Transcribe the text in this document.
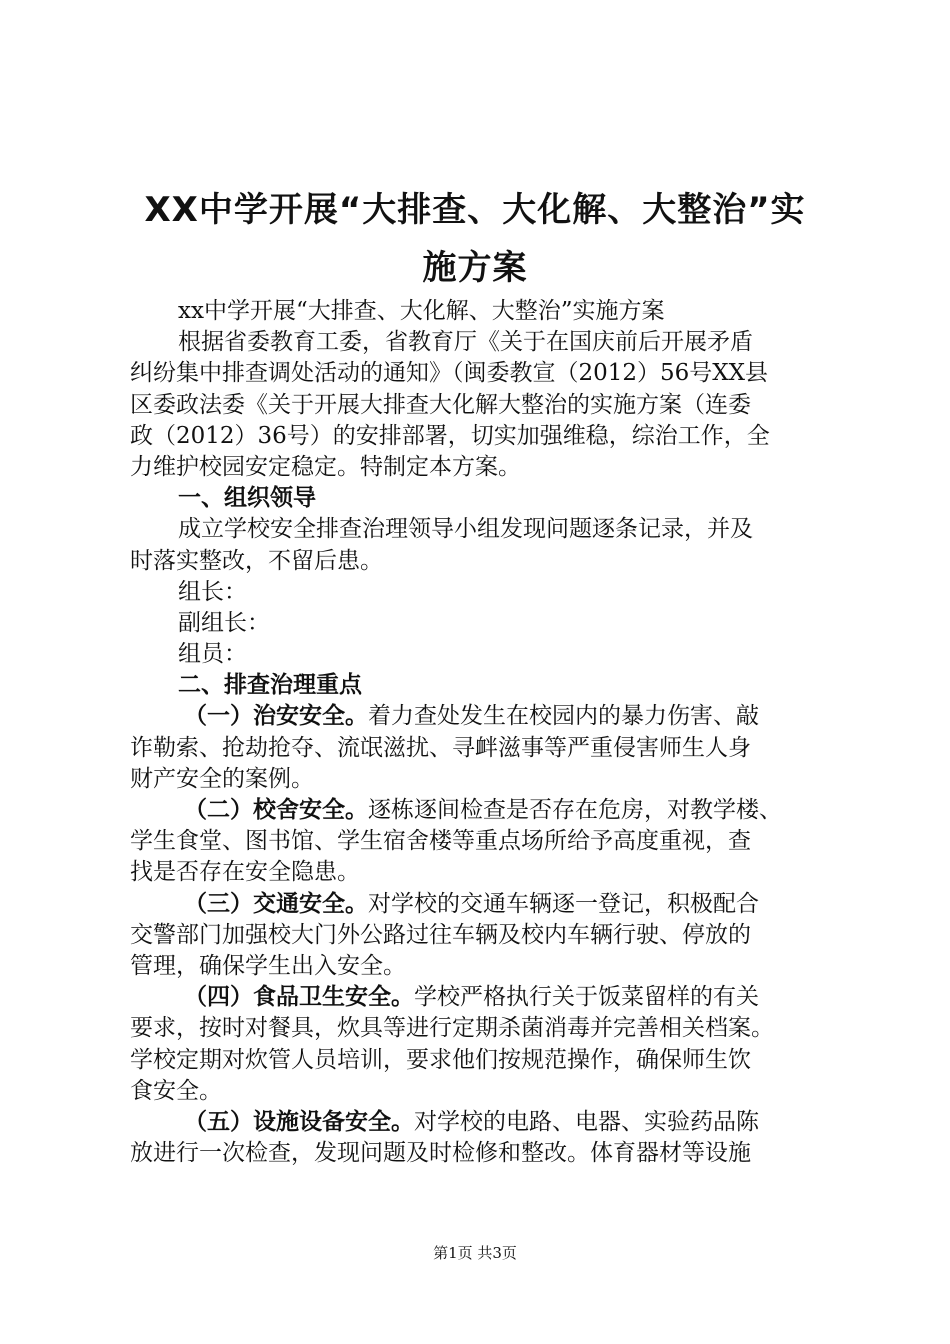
XX中学开展“大排查、大化解、大整治”实
施方案
xx中学开展“大排查、大化解、大整治”实施方案
根据省委教育工委，省教育厅《关于在国庆前后开展矛盾
纠纷集中排查调处活动的通知》（闽委教宣（2012）56号XX县
区委政法委《关于开展大排查大化解大整治的实施方案（连委
政（2012）36号）的安排部署，切实加强维稳，综治工作，全
力维护校园安定稳定。特制定本方案。
一、组织领导
成立学校安全排查治理领导小组发现问题逐条记录，并及
时落实整改，不留后患。
组长：
副组长：
组员：
二、排查治理重点
（一）治安安全。着力查处发生在校园内的暴力伤害、敲
诈勒索、抢劫抢夺、流氓滋扰、寻衅滋事等严重侵害师生人身
财产安全的案例。
（二）校舍安全。逐栋逐间检查是否存在危房，对教学楼、
学生食堂、图书馆、学生宿舍楼等重点场所给予高度重视，查
找是否存在安全隐患。
（三）交通安全。对学校的交通车辆逐一登记，积极配合
交警部门加强校大门外公路过往车辆及校内车辆行驶、停放的
管理，确保学生出入安全。
（四）食品卫生安全。学校严格执行关于饭菜留样的有关
要求，按时对餐具，炊具等进行定期杀菌消毒并完善相关档案。
学校定期对炊管人员培训，要求他们按规范操作，确保师生饮
食安全。
（五）设施设备安全。对学校的电路、电器、实验药品陈
放进行一次检查，发现问题及时检修和整改。体育器材等设施
第1页 共3页
